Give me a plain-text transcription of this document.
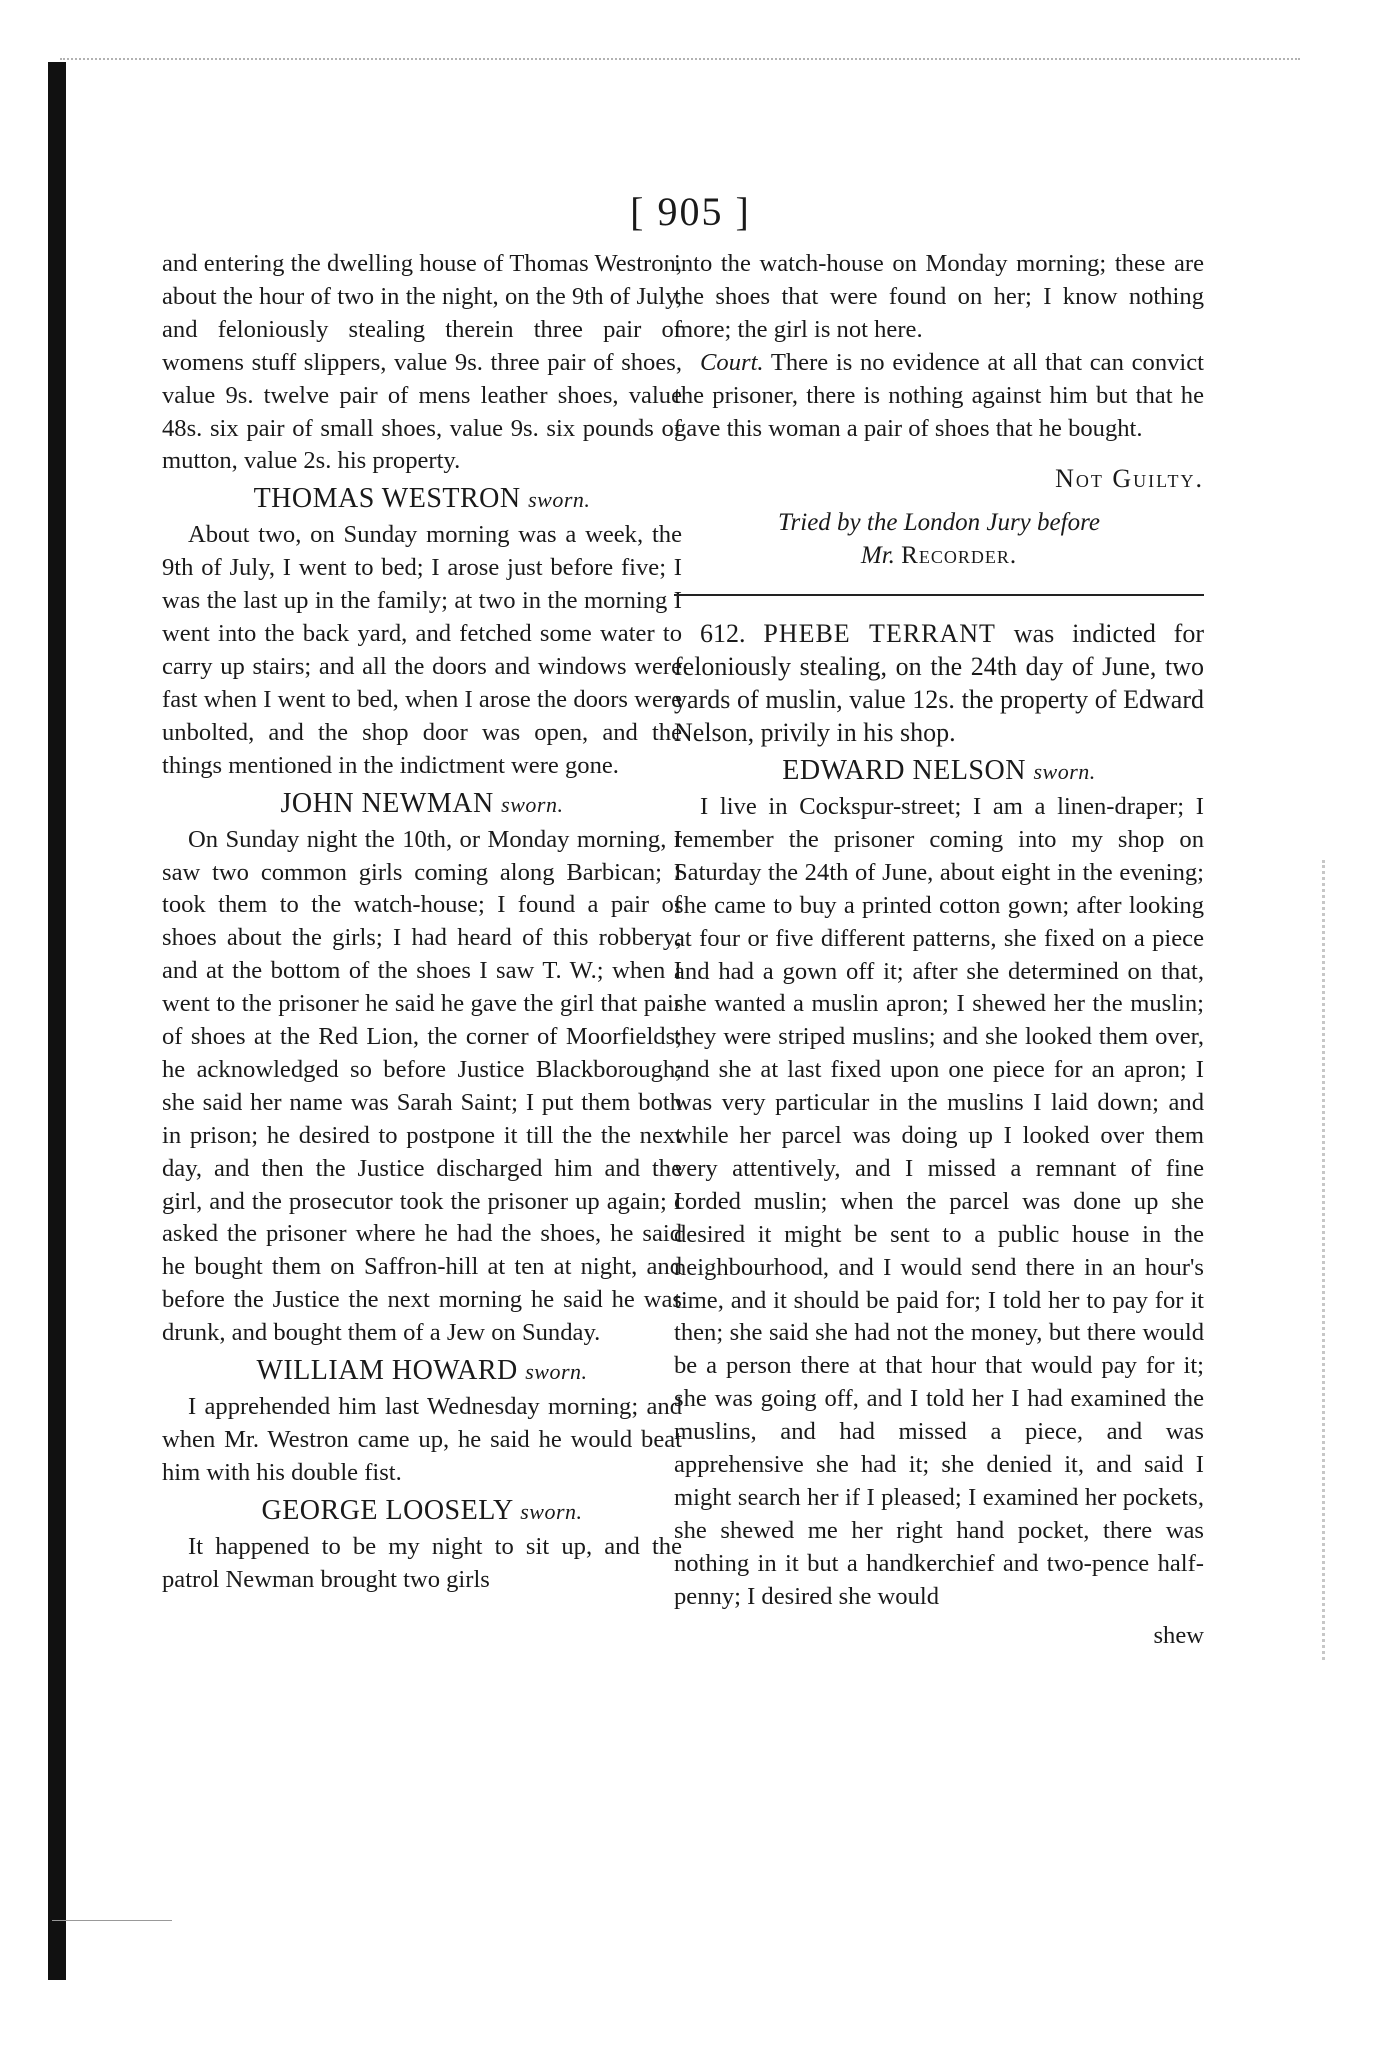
[ 905 ]

and entering the dwelling house of Thomas Westron, about the hour of two in the night, on the 9th of July, and feloniously stealing therein three pair of womens stuff slippers, value 9s. three pair of shoes, value 9s. twelve pair of mens leather shoes, value 48s. six pair of small shoes, value 9s. six pounds of mutton, value 2s. his property.

THOMAS WESTRON sworn.

About two, on Sunday morning was a week, the 9th of July, I went to bed; I arose just before five; I was the last up in the family; at two in the morning I went into the back yard, and fetched some water to carry up stairs; and all the doors and windows were fast when I went to bed, when I arose the doors were unbolted, and the shop door was open, and the things mentioned in the indictment were gone.

JOHN NEWMAN sworn.

On Sunday night the 10th, or Monday morning, I saw two common girls coming along Barbican; I took them to the watch-house; I found a pair of shoes about the girls; I had heard of this robbery; and at the bottom of the shoes I saw T. W.; when I went to the prisoner he said he gave the girl that pair of shoes at the Red Lion, the corner of Moorfields; he acknowledged so before Justice Blackborough; she said her name was Sarah Saint; I put them both in prison; he desired to postpone it till the the next day, and then the Justice discharged him and the girl, and the prosecutor took the prisoner up again; I asked the prisoner where he had the shoes, he said he bought them on Saffron-hill at ten at night, and before the Justice the next morning he said he was drunk, and bought them of a Jew on Sunday.

WILLIAM HOWARD sworn.

I apprehended him last Wednesday morning; and when Mr. Westron came up, he said he would beat him with his double fist.

GEORGE LOOSELY sworn.

It happened to be my night to sit up, and the patrol Newman brought two girls

into the watch-house on Monday morning; these are the shoes that were found on her; I know nothing more; the girl is not here.

Court. There is no evidence at all that can convict the prisoner, there is nothing against him but that he gave this woman a pair of shoes that he bought.

Not Guilty.
Tried by the London Jury before
Mr. Recorder.

612. PHEBE TERRANT was indicted for feloniously stealing, on the 24th day of June, two yards of muslin, value 12s. the property of Edward Nelson, privily in his shop.

EDWARD NELSON sworn.

I live in Cockspur-street; I am a linen-draper; I remember the prisoner coming into my shop on Saturday the 24th of June, about eight in the evening; she came to buy a printed cotton gown; after looking at four or five different patterns, she fixed on a piece and had a gown off it; after she determined on that, she wanted a muslin apron; I shewed her the muslin; they were striped muslins; and she looked them over, and she at last fixed upon one piece for an apron; I was very particular in the muslins I laid down; and while her parcel was doing up I looked over them very attentively, and I missed a remnant of fine corded muslin; when the parcel was done up she desired it might be sent to a public house in the neighbourhood, and I would send there in an hour's time, and it should be paid for; I told her to pay for it then; she said she had not the money, but there would be a person there at that hour that would pay for it; she was going off, and I told her I had examined the muslins, and had missed a piece, and was apprehensive she had it; she denied it, and said I might search her if I pleased; I examined her pockets, she shewed me her right hand pocket, there was nothing in it but a handkerchief and two-pence half-penny; I desired she would

shew
